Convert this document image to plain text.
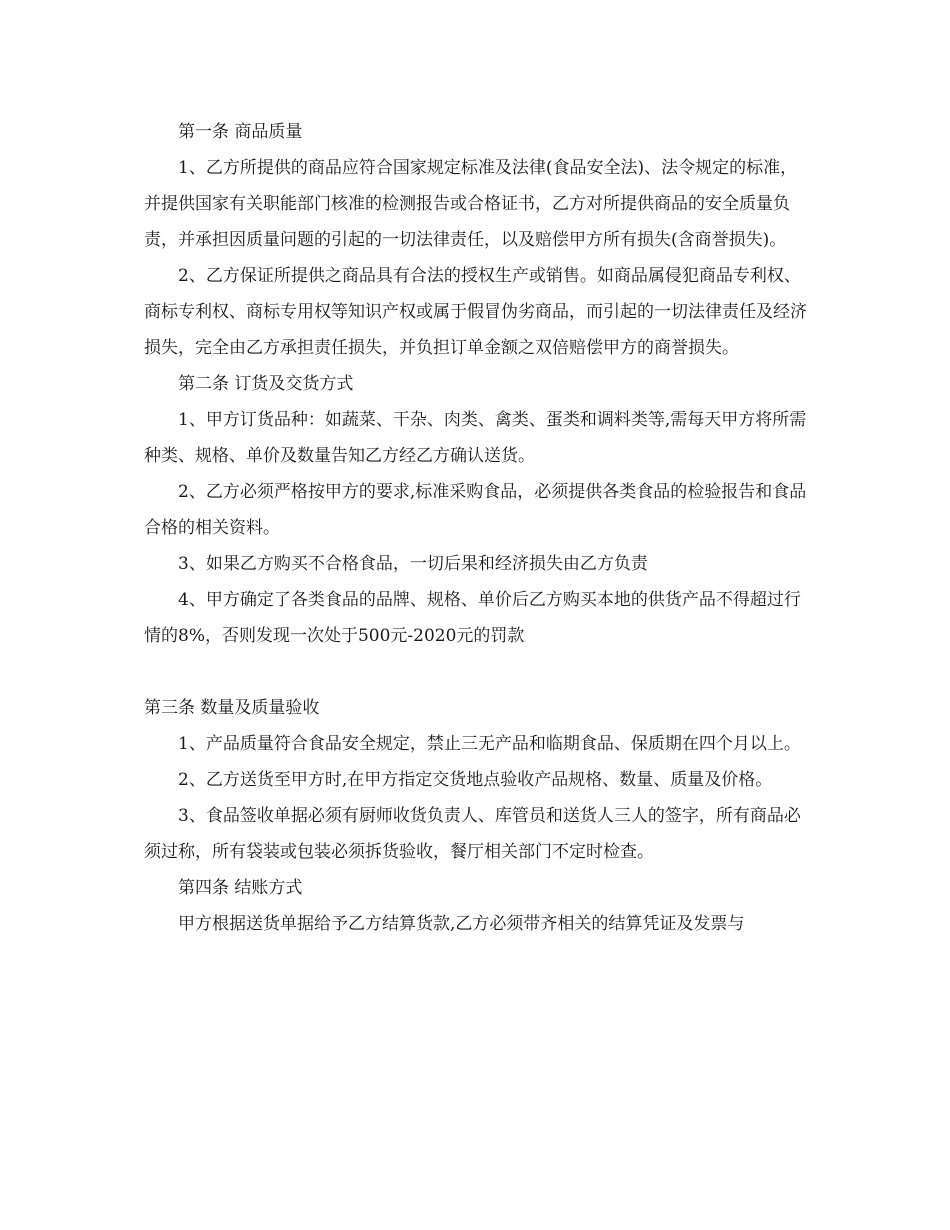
第一条 商品质量

1、乙方所提供的商品应符合国家规定标准及法律(食品安全法)、法令规定的标准，并提供国家有关职能部门核准的检测报告或合格证书，乙方对所提供商品的安全质量负责，并承担因质量问题的引起的一切法律责任，以及赔偿甲方所有损失(含商誉损失)。

2、乙方保证所提供之商品具有合法的授权生产或销售。如商品属侵犯商品专利权、商标专利权、商标专用权等知识产权或属于假冒伪劣商品，而引起的一切法律责任及经济损失，完全由乙方承担责任损失，并负担订单金额之双倍赔偿甲方的商誉损失。

第二条 订货及交货方式

1、甲方订货品种：如蔬菜、干杂、肉类、禽类、蛋类和调料类等,需每天甲方将所需种类、规格、单价及数量告知乙方经乙方确认送货。

2、乙方必须严格按甲方的要求,标准采购食品，必须提供各类食品的检验报告和食品合格的相关资料。

3、如果乙方购买不合格食品，一切后果和经济损失由乙方负责

4、甲方确定了各类食品的品牌、规格、单价后乙方购买本地的供货产品不得超过行情的8%，否则发现一次处于500元-2020元的罚款

第三条 数量及质量验收

1、产品质量符合食品安全规定，禁止三无产品和临期食品、保质期在四个月以上。

2、乙方送货至甲方时,在甲方指定交货地点验收产品规格、数量、质量及价格。

3、食品签收单据必须有厨师收货负责人、库管员和送货人三人的签字，所有商品必须过称，所有袋装或包装必须拆货验收，餐厅相关部门不定时检查。

第四条 结账方式

甲方根据送货单据给予乙方结算货款,乙方必须带齐相关的结算凭证及发票与
